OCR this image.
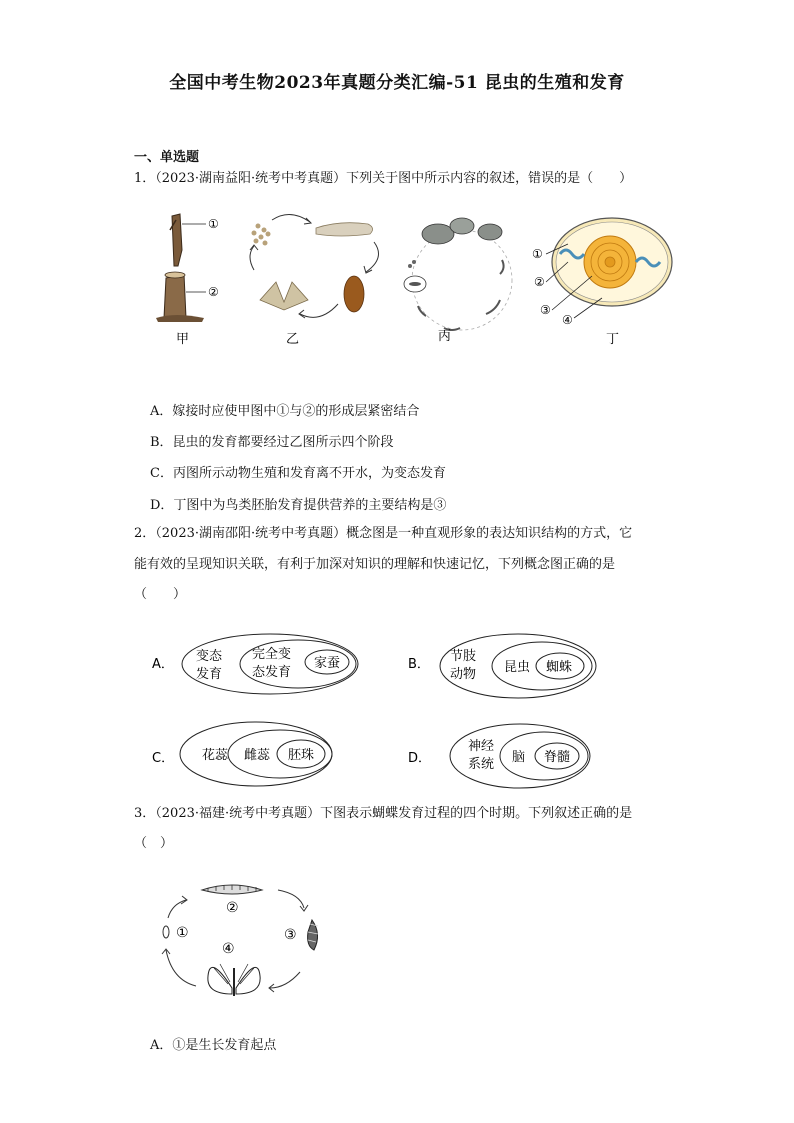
全国中考生物2023年真题分类汇编-51 昆虫的生殖和发育
一、单选题
1．（2023·湖南益阳·统考中考真题）下列关于图中所示内容的叙述，错误的是（　　）
①
②
①
②
③
④
甲	乙	丙	丁
A．嫁接时应使甲图中①与②的形成层紧密结合
B．昆虫的发育都要经过乙图所示四个阶段
C．丙图所示动物生殖和发育离不开水，为变态发育
D．丁图中为鸟类胚胎发育提供营养的主要结构是③
2．（2023·湖南邵阳·统考中考真题）概念图是一种直观形象的表达知识结构的方式，它
能有效的呈现知识关联，有利于加深对知识的理解和快速记忆，下列概念图正确的是
（　　）
A．
变态
发育
完全变
态发育
家蚕	B．
节肢
动物 昆虫 蜘蛛
C． 花蕊 雌蕊 胚珠	D．
神经
系统 脑 脊髓
3．（2023·福建·统考中考真题）下图表示蝴蝶发育过程的四个时期。下列叙述正确的是
（　）
①
②
③
④
A．①是生长发育起点
